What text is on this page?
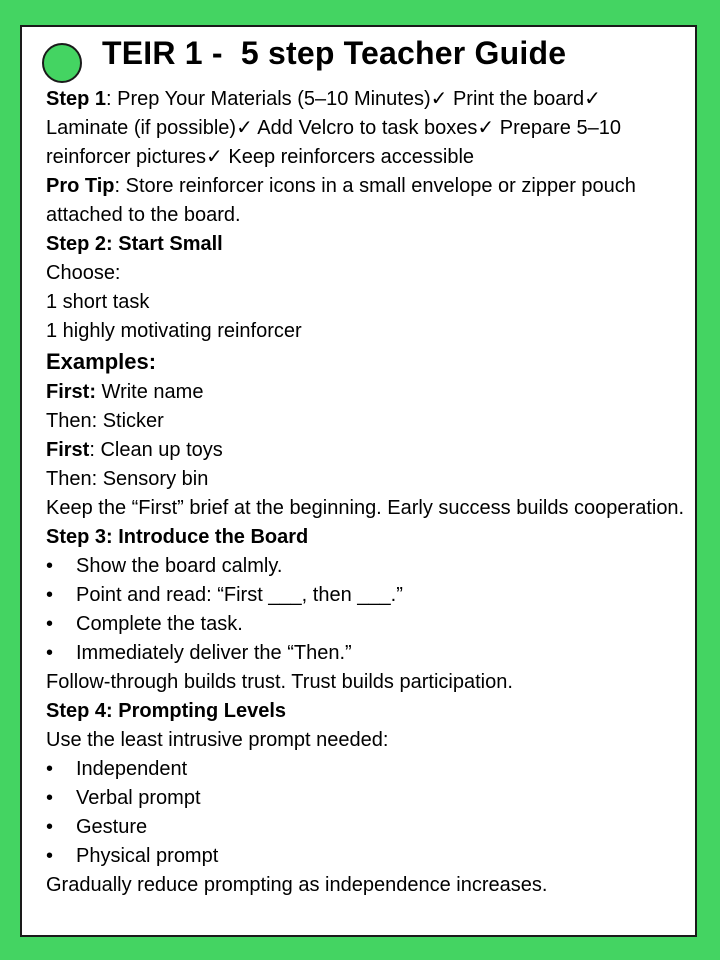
TEIR 1 -  5 step Teacher Guide

Step 1: Prep Your Materials (5–10 Minutes)✓ Print the board✓ Laminate (if possible)✓ Add Velcro to task boxes✓ Prepare 5–10 reinforcer pictures✓ Keep reinforcers accessible

Pro Tip: Store reinforcer icons in a small envelope or zipper pouch attached to the board.

Step 2: Start Small

Choose:

1 short task

1 highly motivating reinforcer

Examples:

First: Write name

Then: Sticker

First: Clean up toys

Then: Sensory bin

Keep the “First” brief at the beginning. Early success builds cooperation.

Step 3: Introduce the Board

• Show the board calmly.

• Point and read: “First ___, then ___.”

• Complete the task.

• Immediately deliver the “Then.”

Follow-through builds trust. Trust builds participation.

Step 4: Prompting Levels

Use the least intrusive prompt needed:

• Independent

• Verbal prompt

• Gesture

• Physical prompt

Gradually reduce prompting as independence increases.
